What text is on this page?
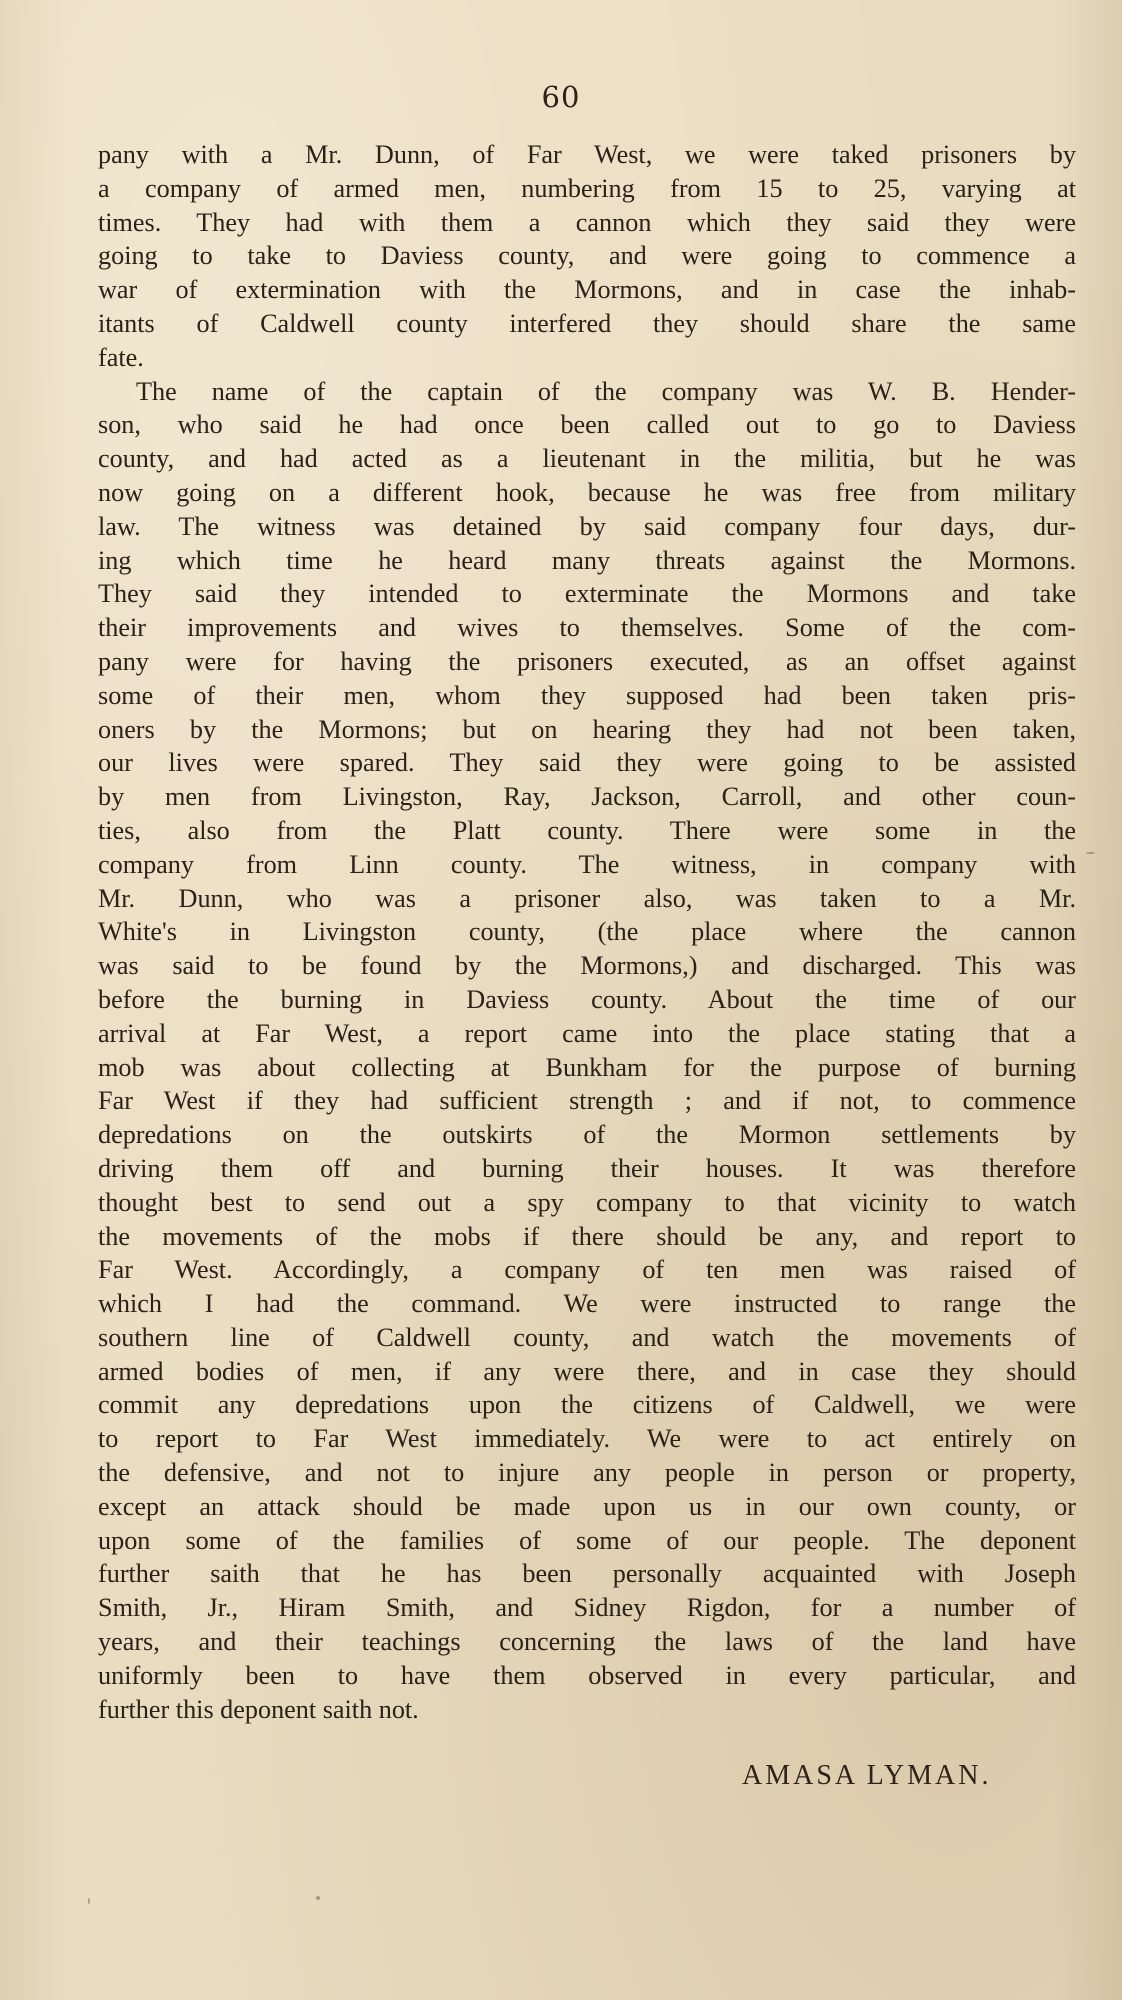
60
pany with a Mr. Dunn, of Far West, we were taked prisoners by
a company of armed men, numbering from 15 to 25, varying at
times. They had with them a cannon which they said they were
going to take to Daviess county, and were going to commence a
war of extermination with the Mormons, and in case the inhab-
itants of Caldwell county interfered they should share the same
fate.
The name of the captain of the company was W. B. Hender-
son, who said he had once been called out to go to Daviess
county, and had acted as a lieutenant in the militia, but he was
now going on a different hook, because he was free from military
law. The witness was detained by said company four days, dur-
ing which time he heard many threats against the Mormons.
They said they intended to exterminate the Mormons and take
their improvements and wives to themselves. Some of the com-
pany were for having the prisoners executed, as an offset against
some of their men, whom they supposed had been taken pris-
oners by the Mormons; but on hearing they had not been taken,
our lives were spared. They said they were going to be assisted
by men from Livingston, Ray, Jackson, Carroll, and other coun-
ties, also from the Platt county. There were some in the
company from Linn county. The witness, in company with
Mr. Dunn, who was a prisoner also, was taken to a Mr.
White's in Livingston county, (the place where the cannon
was said to be found by the Mormons,) and discharged. This was
before the burning in Daviess county. About the time of our
arrival at Far West, a report came into the place stating that a
mob was about collecting at Bunkham for the purpose of burning
Far West if they had sufficient strength ; and if not, to commence
depredations on the outskirts of the Mormon settlements by
driving them off and burning their houses. It was therefore
thought best to send out a spy company to that vicinity to watch
the movements of the mobs if there should be any, and report to
Far West. Accordingly, a company of ten men was raised of
which I had the command. We were instructed to range the
southern line of Caldwell county, and watch the movements of
armed bodies of men, if any were there, and in case they should
commit any depredations upon the citizens of Caldwell, we were
to report to Far West immediately. We were to act entirely on
the defensive, and not to injure any people in person or property,
except an attack should be made upon us in our own county, or
upon some of the families of some of our people. The deponent
further saith that he has been personally acquainted with Joseph
Smith, Jr., Hiram Smith, and Sidney Rigdon, for a number of
years, and their teachings concerning the laws of the land have
uniformly been to have them observed in every particular, and
further this deponent saith not.
AMASA LYMAN.
